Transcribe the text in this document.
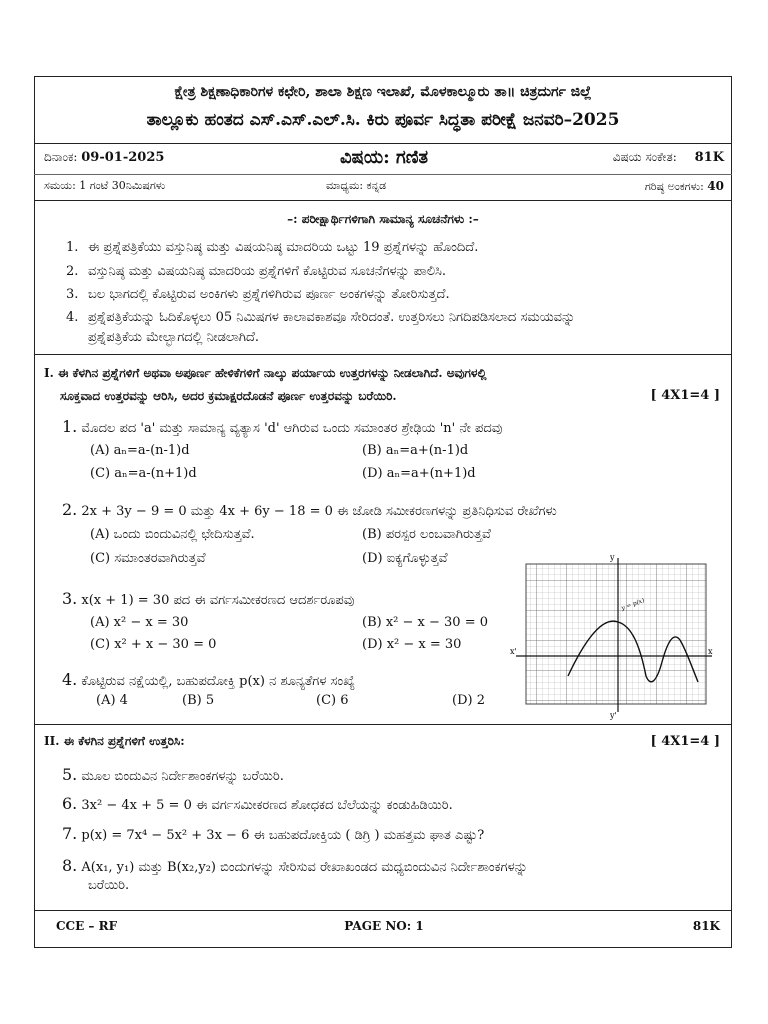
ಕ್ಷೇತ್ರ ಶಿಕ್ಷಣಾಧಿಕಾರಿಗಳ ಕಛೇರಿ, ಶಾಲಾ ಶಿಕ್ಷಣ ಇಲಾಖೆ, ಮೊಳಕಾಲ್ಮೂರು ತಾ॥ ಚಿತ್ರದುರ್ಗ ಜಿಲ್ಲೆ
ತಾಲ್ಲೂಕು ಹಂತದ ಎಸ್.ಎಸ್.ಎಲ್.ಸಿ. ಕಿರು ಪೂರ್ವ ಸಿದ್ಧತಾ ಪರೀಕ್ಷೆ ಜನವರಿ–2025
ದಿನಾಂಕ: 09-01-2025	ವಿಷಯ: ಗಣಿತ	ವಿಷಯ ಸಂಕೇತ: 81K
ಸಮಯ: 1 ಗಂಟೆ 30ನಿಮಿಷಗಳು	ಮಾಧ್ಯಮ: ಕನ್ನಡ	ಗರಿಷ್ಠ ಅಂಕಗಳು: 40
–: ಪರೀಕ್ಷಾರ್ಥಿಗಳಿಗಾಗಿ ಸಾಮಾನ್ಯ ಸೂಚನೆಗಳು :–
1. ಈ ಪ್ರಶ್ನೆಪತ್ರಿಕೆಯು ವಸ್ತುನಿಷ್ಠ ಮತ್ತು ವಿಷಯನಿಷ್ಠ ಮಾದರಿಯ ಒಟ್ಟು 19 ಪ್ರಶ್ನೆಗಳನ್ನು ಹೊಂದಿದೆ.
2. ವಸ್ತುನಿಷ್ಠ ಮತ್ತು ವಿಷಯನಿಷ್ಠ ಮಾದರಿಯ ಪ್ರಶ್ನೆಗಳಿಗೆ ಕೊಟ್ಟಿರುವ ಸೂಚನೆಗಳನ್ನು ಪಾಲಿಸಿ.
3. ಬಲ ಭಾಗದಲ್ಲಿ ಕೊಟ್ಟಿರುವ ಅಂಕಿಗಳು ಪ್ರಶ್ನೆಗಳಿಗಿರುವ ಪೂರ್ಣ ಅಂಕಗಳನ್ನು ತೋರಿಸುತ್ತದೆ.
4. ಪ್ರಶ್ನೆಪತ್ರಿಕೆಯನ್ನು ಓದಿಕೊಳ್ಳಲು 05 ನಿಮಿಷಗಳ ಕಾಲಾವಕಾಶವೂ ಸೇರಿದಂತೆ. ಉತ್ತರಿಸಲು ನಿಗದಿಪಡಿಸಲಾದ ಸಮಯವನ್ನು
ಪ್ರಶ್ನೆಪತ್ರಿಕೆಯ ಮೇಲ್ಭಾಗದಲ್ಲಿ ನೀಡಲಾಗಿದೆ.
I. ಈ ಕೆಳಗಿನ ಪ್ರಶ್ನೆಗಳಿಗೆ ಅಥವಾ ಅಪೂರ್ಣ ಹೇಳಿಕೆಗಳಿಗೆ ನಾಲ್ಕು ಪರ್ಯಾಯ ಉತ್ತರಗಳನ್ನು ನೀಡಲಾಗಿದೆ. ಅವುಗಳಲ್ಲಿ
ಸೂಕ್ತವಾದ ಉತ್ತರವನ್ನು ಆರಿಸಿ, ಅದರ ಕ್ರಮಾಕ್ಷರದೊಡನೆ ಪೂರ್ಣ ಉತ್ತರವನ್ನು ಬರೆಯಿರಿ.	[ 4X1=4 ]
1. ಮೊದಲ ಪದ 'a' ಮತ್ತು ಸಾಮಾನ್ಯ ವ್ಯತ್ಯಾಸ 'd' ಆಗಿರುವ ಒಂದು ಸಮಾಂತರ ಶ್ರೇಢಿಯ 'n' ನೇ ಪದವು
(A) aₙ=a-(n-1)d	(B) aₙ=a+(n-1)d
(C) aₙ=a-(n+1)d	(D) aₙ=a+(n+1)d
2. 2x + 3y − 9 = 0 ಮತ್ತು 4x + 6y − 18 = 0 ಈ ಜೋಡಿ ಸಮೀಕರಣಗಳನ್ನು ಪ್ರತಿನಿಧಿಸುವ ರೇಖೆಗಳು
(A) ಒಂದು ಬಿಂದುವಿನಲ್ಲಿ ಛೇದಿಸುತ್ತವೆ.	(B) ಪರಸ್ಪರ ಲಂಬವಾಗಿರುತ್ತವೆ
(C) ಸಮಾಂತರವಾಗಿರುತ್ತವೆ	(D) ಐಕ್ಯಗೊಳ್ಳುತ್ತವೆ
3. x(x + 1) = 30 ಪದ ಈ ವರ್ಗಸಮೀಕರಣದ ಆದರ್ಶರೂಪವು
(A) x² − x = 30	(B) x² − x − 30 = 0
(C) x² + x − 30 = 0	(D) x² − x = 30
4. ಕೊಟ್ಟಿರುವ ನಕ್ಷೆಯಲ್ಲಿ, ಬಹುಪದೋಕ್ತಿ p(x) ನ ಶೂನ್ಯತೆಗಳ ಸಂಖ್ಯೆ
(A) 4	(B) 5	(C) 6	(D) 2
y
y'
x
x'
y = p(x)
II. ಈ ಕೆಳಗಿನ ಪ್ರಶ್ನೆಗಳಿಗೆ ಉತ್ತರಿಸಿ:	[ 4X1=4 ]
5. ಮೂಲ ಬಿಂದುವಿನ ನಿರ್ದೇಶಾಂಕಗಳನ್ನು ಬರೆಯಿರಿ.
6. 3x² − 4x + 5 = 0 ಈ ವರ್ಗಸಮೀಕರಣದ ಶೋಧಕದ ಬೆಲೆಯನ್ನು ಕಂಡುಹಿಡಿಯಿರಿ.
7. p(x) = 7x⁴ − 5x² + 3x − 6 ಈ ಬಹುಪದೋಕ್ತಿಯ ( ಡಿಗ್ರಿ ) ಮಹತ್ತಮ ಘಾತ ಎಷ್ಟು?
8. A(x₁, y₁) ಮತ್ತು B(x₂,y₂) ಬಿಂದುಗಳನ್ನು ಸೇರಿಸುವ ರೇಖಾಖಂಡದ ಮಧ್ಯಬಿಂದುವಿನ ನಿರ್ದೇಶಾಂಕಗಳನ್ನು
ಬರೆಯಿರಿ.
CCE – RF	PAGE NO: 1	81K
